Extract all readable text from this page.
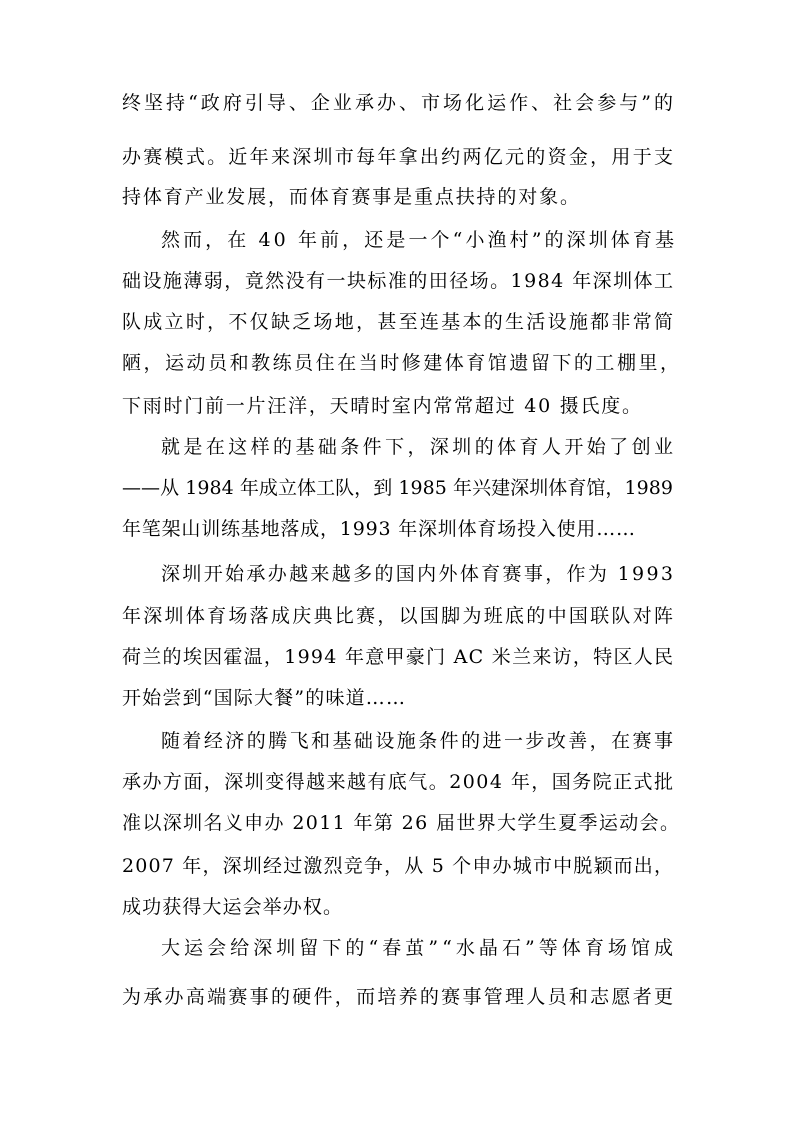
终坚持“政府引导、企业承办、市场化运作、社会参与”的
办赛模式。近年来深圳市每年拿出约两亿元的资金，用于支
持体育产业发展，而体育赛事是重点扶持的对象。
然而，在 40 年前，还是一个“小渔村”的深圳体育基
础设施薄弱，竟然没有一块标准的田径场。1984 年深圳体工
队成立时，不仅缺乏场地，甚至连基本的生活设施都非常简
陋，运动员和教练员住在当时修建体育馆遗留下的工棚里，
下雨时门前一片汪洋，天晴时室内常常超过 40 摄氏度。
就是在这样的基础条件下，深圳的体育人开始了创业
——从 1984 年成立体工队，到 1985 年兴建深圳体育馆，1989
年笔架山训练基地落成，1993 年深圳体育场投入使用……
深圳开始承办越来越多的国内外体育赛事，作为 1993
年深圳体育场落成庆典比赛，以国脚为班底的中国联队对阵
荷兰的埃因霍温，1994 年意甲豪门 AC 米兰来访，特区人民
开始尝到“国际大餐”的味道……
随着经济的腾飞和基础设施条件的进一步改善，在赛事
承办方面，深圳变得越来越有底气。2004 年，国务院正式批
准以深圳名义申办 2011 年第 26 届世界大学生夏季运动会。
2007 年，深圳经过激烈竞争，从 5 个申办城市中脱颖而出，
成功获得大运会举办权。
大运会给深圳留下的“春茧”“水晶石”等体育场馆成
为承办高端赛事的硬件，而培养的赛事管理人员和志愿者更
